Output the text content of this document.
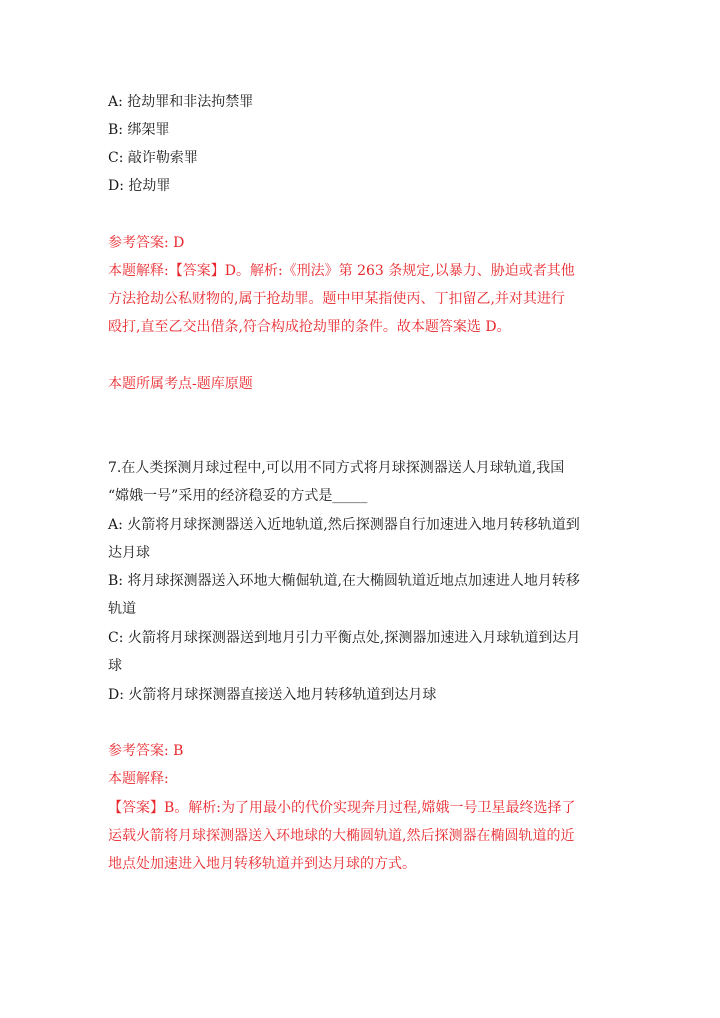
A: 抢劫罪和非法拘禁罪
B: 绑架罪
C: 敲诈勒索罪
D: 抢劫罪
参考答案: D
本题解释:【答案】D。解析:《刑法》第 263 条规定,以暴力、胁迫或者其他
方法抢劫公私财物的,属于抢劫罪。题中甲某指使丙、丁扣留乙,并对其进行
殴打,直至乙交出借条,符合构成抢劫罪的条件。故本题答案选 D。
本题所属考点-题库原题
7.在人类探测月球过程中,可以用不同方式将月球探测器送人月球轨道,我国
“嫦娥一号”采用的经济稳妥的方式是_____
A: 火箭将月球探测器送入近地轨道,然后探测器自行加速进入地月转移轨道到
达月球
B: 将月球探测器送入环地大椭倔轨道,在大椭圆轨道近地点加速进人地月转移
轨道
C: 火箭将月球探测器送到地月引力平衡点处,探测器加速进入月球轨道到达月
球
D: 火箭将月球探测器直接送入地月转移轨道到达月球
参考答案: B
本题解释:
【答案】B。解析:为了用最小的代价实现奔月过程,嫦娥一号卫星最终选择了
运载火箭将月球探测器送入环地球的大椭圆轨道,然后探测器在椭圆轨道的近
地点处加速进入地月转移轨道并到达月球的方式。
